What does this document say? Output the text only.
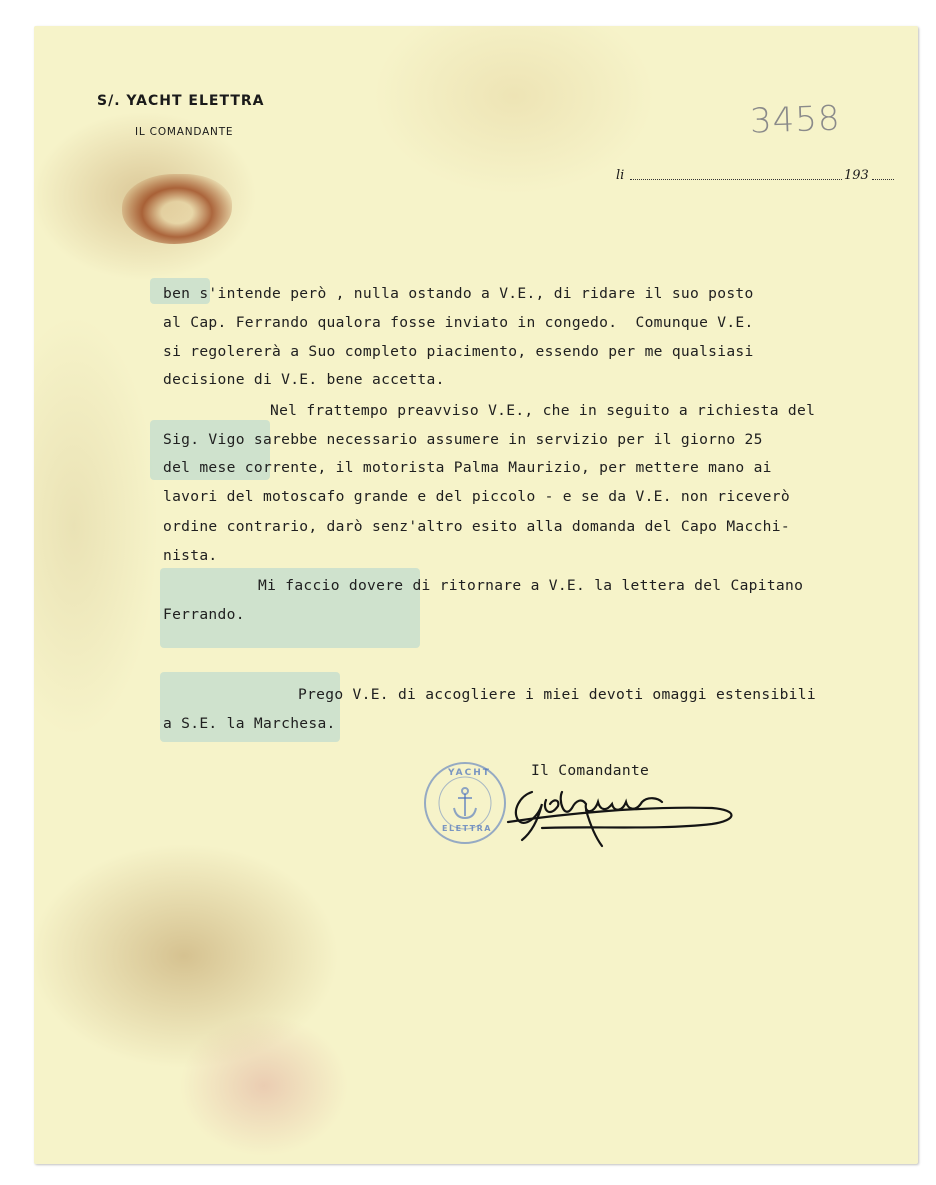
S/. YACHT ELETTRA
IL COMANDANTE	3458
li	193
ben s'intende però , nulla ostando a V.E., di ridare il suo posto
al Cap. Ferrando qualora fosse inviato in congedo.  Comunque V.E.
si regolererà a Suo completo piacimento, essendo per me qualsiasi
decisione di V.E. bene accetta.
Nel frattempo preavviso V.E., che in seguito a richiesta del
Sig. Vigo sarebbe necessario assumere in servizio per il giorno 25
del mese corrente, il motorista Palma Maurizio, per mettere mano ai
lavori del motoscafo grande e del piccolo - e se da V.E. non riceverò
ordine contrario, darò senz'altro esito alla domanda del Capo Macchi-
nista.
Mi faccio dovere di ritornare a V.E. la lettera del Capitano
Ferrando.
Prego V.E. di accogliere i miei devoti omaggi estensibili
a S.E. la Marchesa.
Il Comandante
YACHT
ELETTRA
